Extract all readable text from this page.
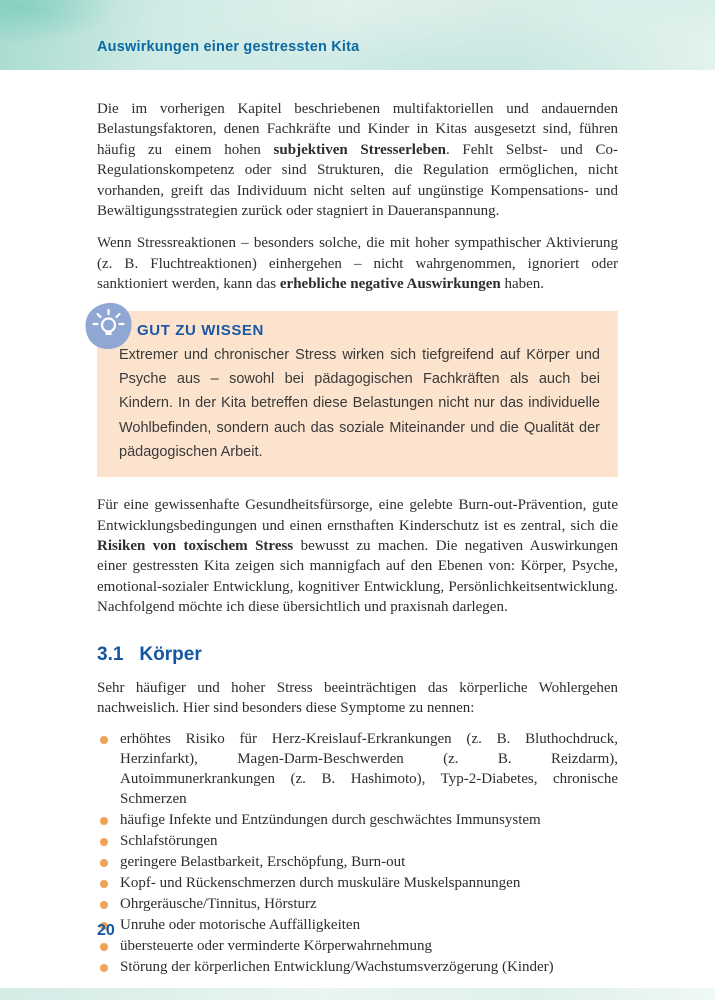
Auswirkungen einer gestressten Kita

Die im vorherigen Kapitel beschriebenen multifaktoriellen und andauernden Belastungsfaktoren, denen Fachkräfte und Kinder in Kitas ausgesetzt sind, führen häufig zu einem hohen subjektiven Stresserleben. Fehlt Selbst- und Co-Regulationskompetenz oder sind Strukturen, die Regulation ermöglichen, nicht vorhanden, greift das Individuum nicht selten auf ungünstige Kompensations- und Bewältigungsstrategien zurück oder stagniert in Daueranspannung.

Wenn Stressreaktionen – besonders solche, die mit hoher sympathischer Aktivierung (z. B. Fluchtreaktionen) einhergehen – nicht wahrgenommen, ignoriert oder sanktioniert werden, kann das erhebliche negative Auswirkungen haben.

GUT ZU WISSEN

Extremer und chronischer Stress wirken sich tiefgreifend auf Körper und Psyche aus – sowohl bei pädagogischen Fachkräften als auch bei Kindern. In der Kita betreffen diese Belastungen nicht nur das individuelle Wohlbefinden, sondern auch das soziale Miteinander und die Qualität der pädagogischen Arbeit.

Für eine gewissenhafte Gesundheitsfürsorge, eine gelebte Burn-out-Prävention, gute Entwicklungsbedingungen und einen ernsthaften Kinderschutz ist es zentral, sich die Risiken von toxischem Stress bewusst zu machen. Die negativen Auswirkungen einer gestressten Kita zeigen sich mannigfach auf den Ebenen von: Körper, Psyche, emotional-sozialer Entwicklung, kognitiver Entwicklung, Persönlichkeitsentwicklung. Nachfolgend möchte ich diese übersichtlich und praxisnah darlegen.

3.1 Körper

Sehr häufiger und hoher Stress beeinträchtigen das körperliche Wohlergehen nachweislich. Hier sind besonders diese Symptome zu nennen:

erhöhtes Risiko für Herz-Kreislauf-Erkrankungen (z. B. Bluthochdruck, Herzinfarkt), Magen-Darm-Beschwerden (z. B. Reizdarm), Autoimmunerkrankungen (z. B. Hashimoto), Typ-2-Diabetes, chronische Schmerzen
häufige Infekte und Entzündungen durch geschwächtes Immunsystem
Schlafstörungen
geringere Belastbarkeit, Erschöpfung, Burn-out
Kopf- und Rückenschmerzen durch muskuläre Muskelspannungen
Ohrgeräusche/Tinnitus, Hörsturz
Unruhe oder motorische Auffälligkeiten
übersteuerte oder verminderte Körperwahrnehmung
Störung der körperlichen Entwicklung/Wachstumsverzögerung (Kinder)
20
